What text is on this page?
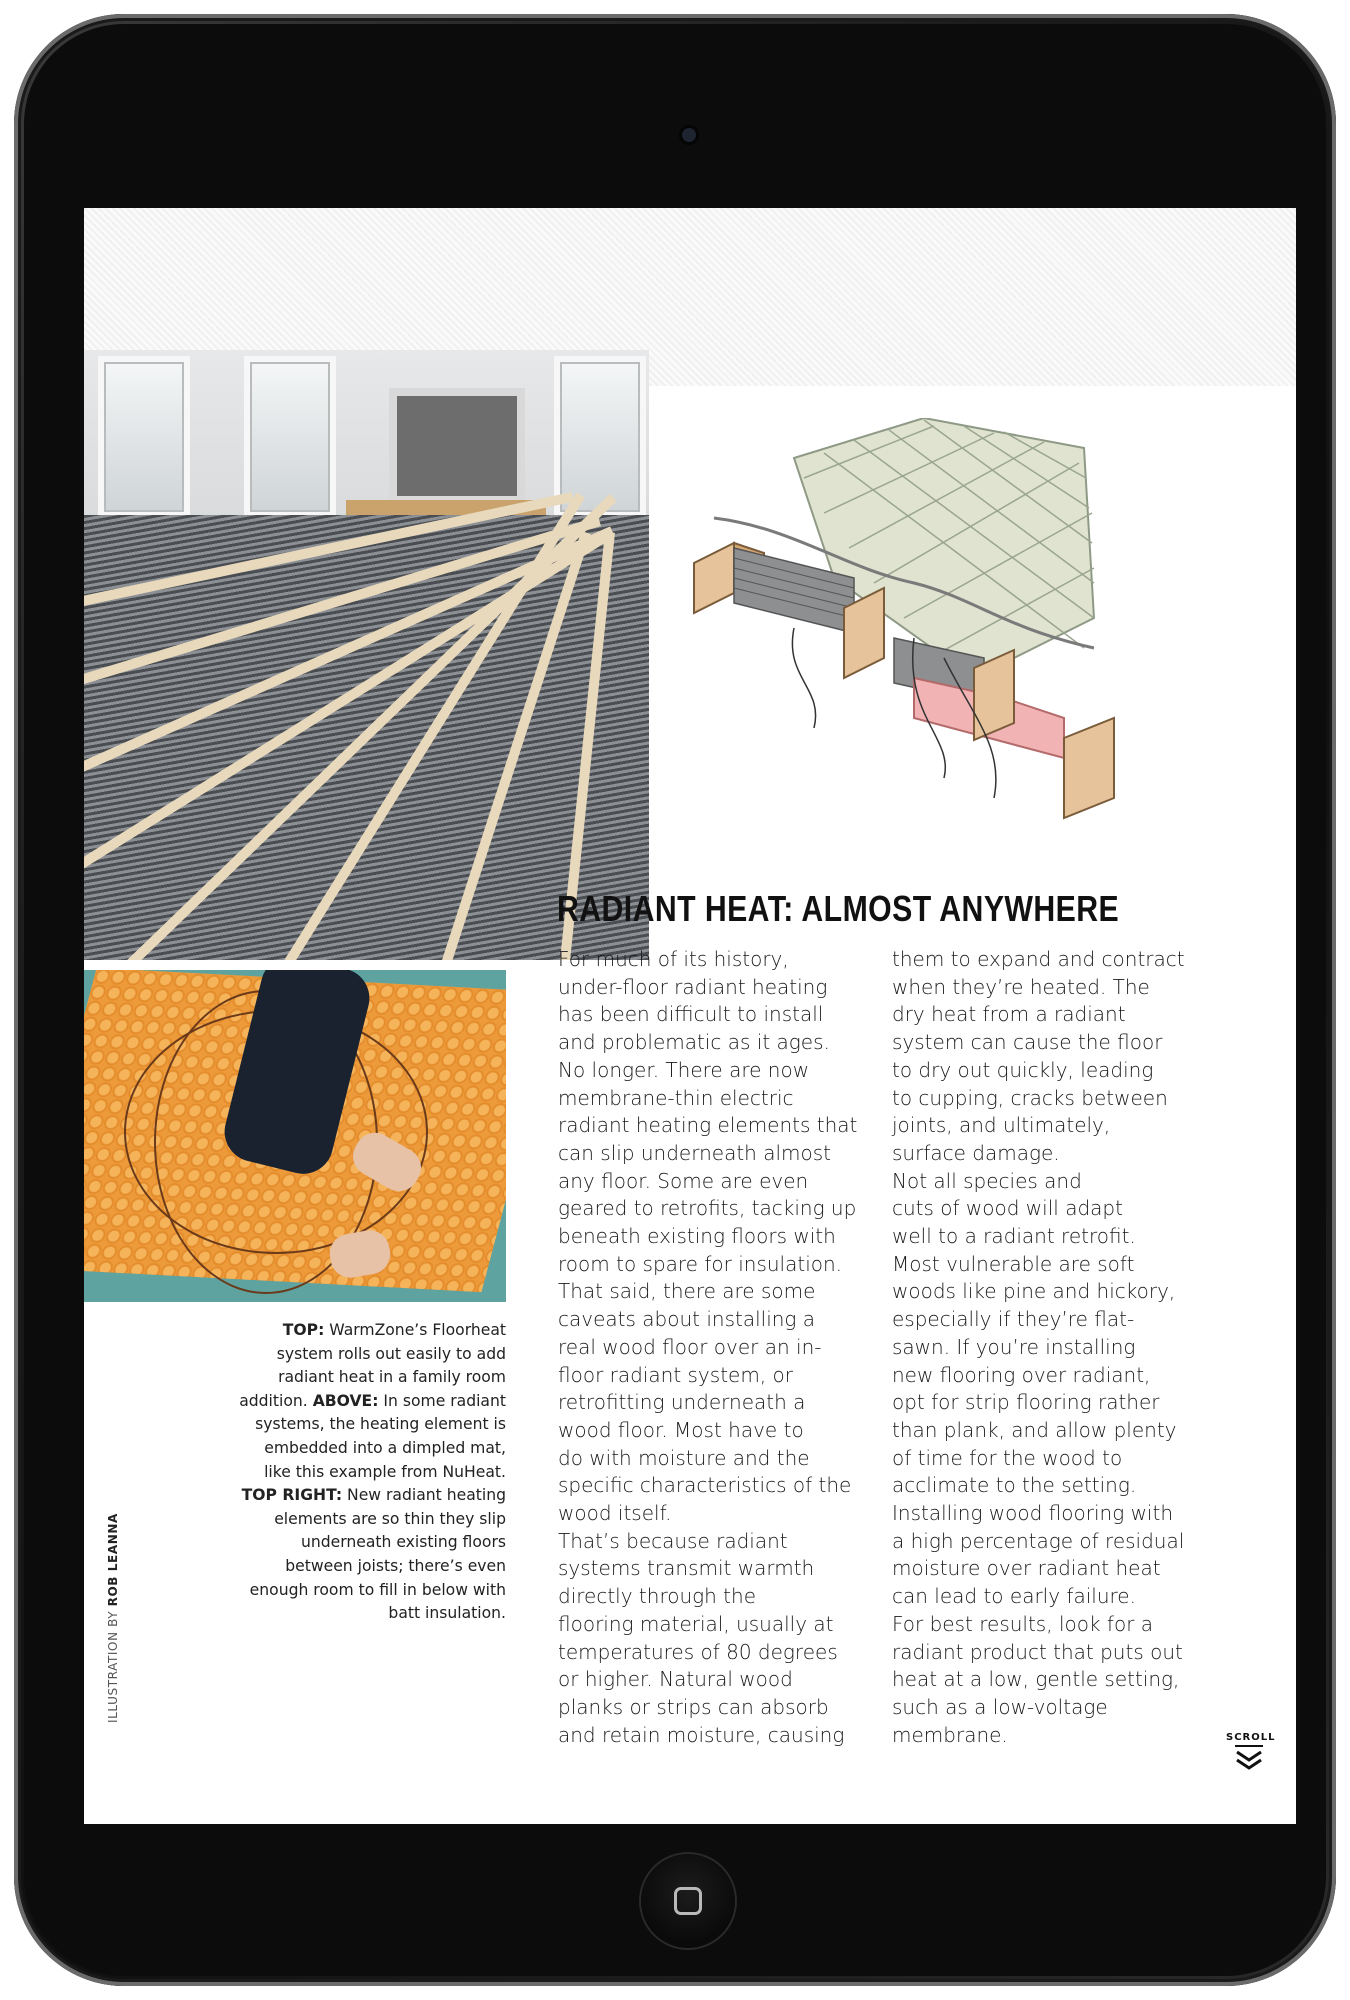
RADIANT HEAT: ALMOST ANYWHERE

For much of its history,
under-floor radiant heating
has been difficult to install
and problematic as it ages.
No longer. There are now
membrane-thin electric
radiant heating elements that
can slip underneath almost
any floor. Some are even
geared to retrofits, tacking up
beneath existing floors with
room to spare for insulation.
That said, there are some
caveats about installing a
real wood floor over an in-
floor radiant system, or
retrofitting underneath a
wood floor. Most have to
do with moisture and the
specific characteristics of the
wood itself.
That’s because radiant
systems transmit warmth
directly through the
flooring material, usually at
temperatures of 80 degrees
or higher. Natural wood
planks or strips can absorb
and retain moisture, causing

them to expand and contract
when they’re heated. The
dry heat from a radiant
system can cause the floor
to dry out quickly, leading
to cupping, cracks between
joints, and ultimately,
surface damage.
Not all species and
cuts of wood will adapt
well to a radiant retrofit.
Most vulnerable are soft
woods like pine and hickory,
especially if they’re flat-
sawn. If you’re installing
new flooring over radiant,
opt for strip flooring rather
than plank, and allow plenty
of time for the wood to
acclimate to the setting.
Installing wood flooring with
a high percentage of residual
moisture over radiant heat
can lead to early failure.
For best results, look for a
radiant product that puts out
heat at a low, gentle setting,
such as a low-voltage
membrane.

TOP: WarmZone’s Floorheat system rolls out easily to add radiant heat in a family room addition. ABOVE: In some radiant systems, the heating element is embedded into a dimpled mat, like this example from NuHeat. TOP RIGHT: New radiant heating elements are so thin they slip underneath existing floors between joists; there’s even enough room to fill in below with batt insulation.
ILLUSTRATION BY ROB LEANNA
SCROLL
